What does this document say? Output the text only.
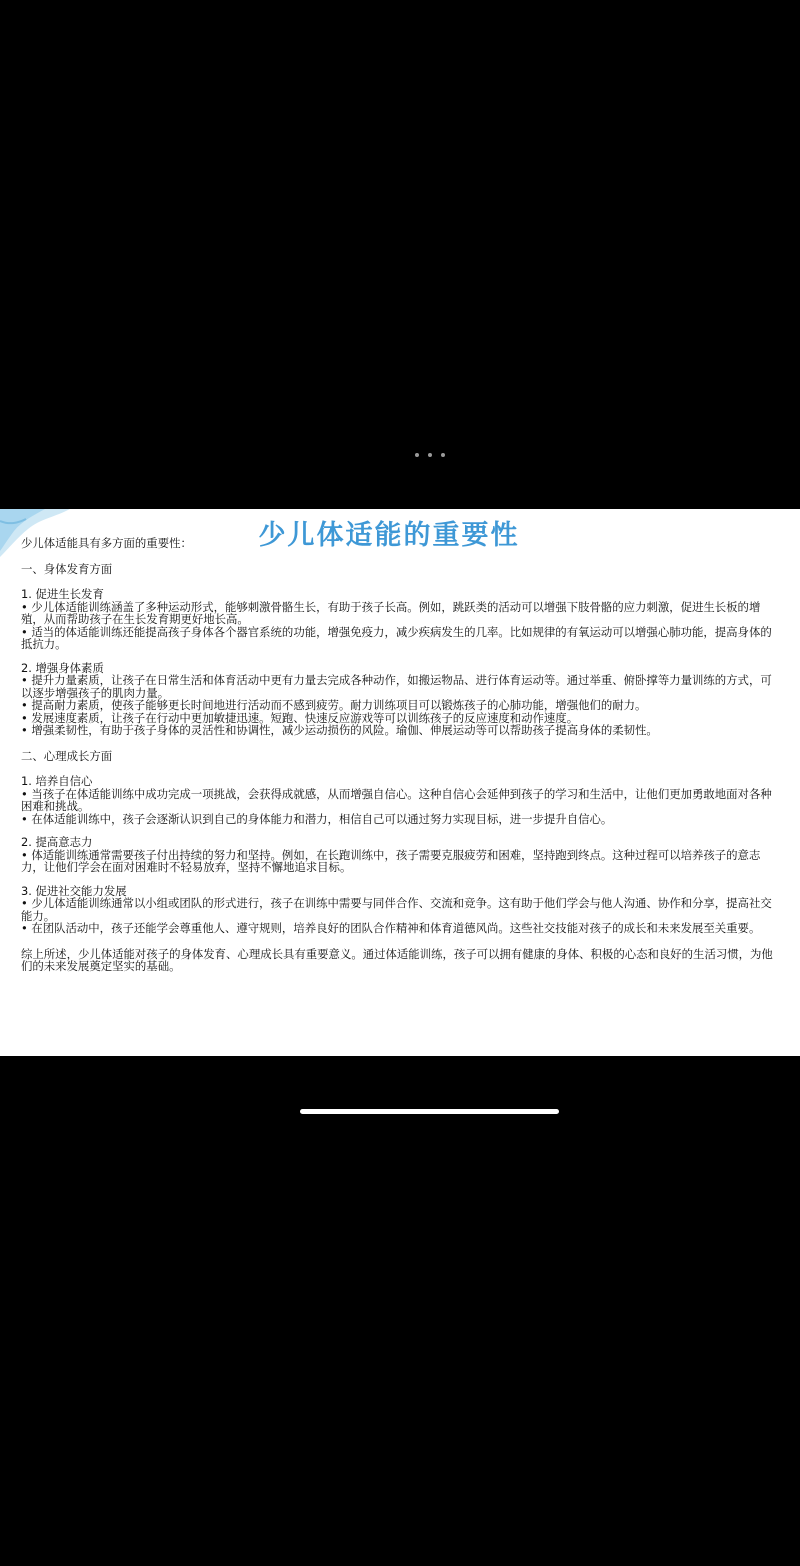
少儿体适能的重要性

少儿体适能具有多方面的重要性：

一、身体发育方面

1. 促进生长发育

• 少儿体适能训练涵盖了多种运动形式，能够刺激骨骼生长，有助于孩子长高。例如，跳跃类的活动可以增强下肢骨骼的应力刺激，促进生长板的增殖，从而帮助孩子在生长发育期更好地长高。

• 适当的体适能训练还能提高孩子身体各个器官系统的功能，增强免疫力，减少疾病发生的几率。比如规律的有氧运动可以增强心肺功能，提高身体的抵抗力。

2. 增强身体素质

• 提升力量素质，让孩子在日常生活和体育活动中更有力量去完成各种动作，如搬运物品、进行体育运动等。通过举重、俯卧撑等力量训练的方式，可以逐步增强孩子的肌肉力量。

• 提高耐力素质，使孩子能够更长时间地进行活动而不感到疲劳。耐力训练项目可以锻炼孩子的心肺功能，增强他们的耐力。

• 发展速度素质，让孩子在行动中更加敏捷迅速。短跑、快速反应游戏等可以训练孩子的反应速度和动作速度。

• 增强柔韧性，有助于孩子身体的灵活性和协调性，减少运动损伤的风险。瑜伽、伸展运动等可以帮助孩子提高身体的柔韧性。

二、心理成长方面

1. 培养自信心

• 当孩子在体适能训练中成功完成一项挑战，会获得成就感，从而增强自信心。这种自信心会延伸到孩子的学习和生活中，让他们更加勇敢地面对各种困难和挑战。

• 在体适能训练中，孩子会逐渐认识到自己的身体能力和潜力，相信自己可以通过努力实现目标，进一步提升自信心。

2. 提高意志力

• 体适能训练通常需要孩子付出持续的努力和坚持。例如，在长跑训练中，孩子需要克服疲劳和困难，坚持跑到终点。这种过程可以培养孩子的意志力，让他们学会在面对困难时不轻易放弃，坚持不懈地追求目标。

3. 促进社交能力发展

• 少儿体适能训练通常以小组或团队的形式进行，孩子在训练中需要与同伴合作、交流和竞争。这有助于他们学会与他人沟通、协作和分享，提高社交能力。

• 在团队活动中，孩子还能学会尊重他人、遵守规则，培养良好的团队合作精神和体育道德风尚。这些社交技能对孩子的成长和未来发展至关重要。

综上所述，少儿体适能对孩子的身体发育、心理成长具有重要意义。通过体适能训练，孩子可以拥有健康的身体、积极的心态和良好的生活习惯，为他们的未来发展奠定坚实的基础。
